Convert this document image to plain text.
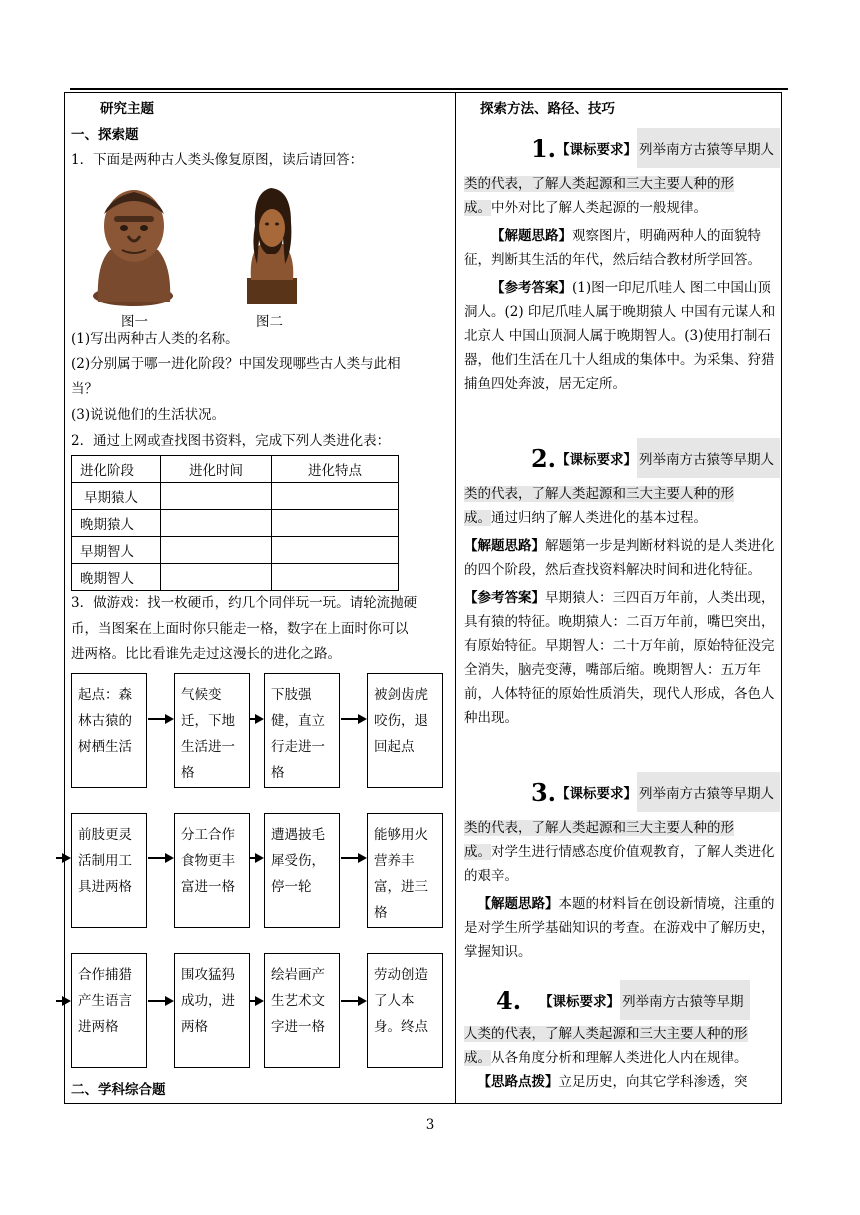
研究主题
一、探索题
1．下面是两种古人类头像复原图，读后请回答：
图一	图二
(1)写出两种古人类的名称。
(2)分别属于哪一进化阶段？中国发现哪些古人类与此相
当？
(3)说说他们的生活状况。
2．通过上网或查找图书资料，完成下列人类进化表：
进化阶段	进化时间	进化特点
早期猿人		
晚期猿人		
早期智人		
晚期智人		
3．做游戏：找一枚硬币，约几个同伴玩一玩。请轮流抛硬
币，当图案在上面时你只能走一格，数字在上面时你可以
进两格。比比看谁先走过这漫长的进化之路。
起点：森林古猿的树栖生活
气候变迁，下地生活进一格
下肢强健，直立行走进一格
被剑齿虎咬伤，退回起点
前肢更灵活制用工具进两格
分工合作食物更丰富进一格
遭遇披毛犀受伤，停一轮
能够用火营养丰富，进三格
合作捕猎产生语言进两格
围攻猛犸成功，进两格
绘岩画产生艺术文字进一格
劳动创造了人本身。终点
二、学科综合题
探索方法、路径、技巧
1. 【课标要求】 列举南方古猿等早期人
类的代表，了解人类起源和三大主要人种的形
成。中外对比了解人类起源的一般规律。
【解题思路】观察图片，明确两种人的面貌特征，判断其生活的年代，然后结合教材所学回答。
【参考答案】(1)图一印尼爪哇人 图二中国山顶洞人。(2) 印尼爪哇人属于晚期猿人 中国有元谋人和北京人 中国山顶洞人属于晚期智人。(3)使用打制石器，他们生活在几十人组成的集体中。为采集、狩猎捕鱼四处奔波，居无定所。
2. 【课标要求】 列举南方古猿等早期人
类的代表，了解人类起源和三大主要人种的形
成。通过归纳了解人类进化的基本过程。
【解题思路】解题第一步是判断材料说的是人类进化的四个阶段，然后查找资料解决时间和进化特征。
【参考答案】早期猿人：三四百万年前，人类出现，具有猿的特征。晚期猿人：二百万年前，嘴巴突出，有原始特征。早期智人：二十万年前，原始特征没完全消失，脑壳变薄，嘴部后缩。晚期智人：五万年前，人体特征的原始性质消失，现代人形成，各色人种出现。
3. 【课标要求】 列举南方古猿等早期人
类的代表，了解人类起源和三大主要人种的形
成。对学生进行情感态度价值观教育，了解人类进化的艰辛。
【解题思路】本题的材料旨在创设新情境，注重的是对学生所学基础知识的考查。在游戏中了解历史，掌握知识。
4. 【课标要求】 列举南方古猿等早期
人类的代表，了解人类起源和三大主要人种的形
成。从各角度分析和理解人类进化人内在规律。
【思路点拨】立足历史，向其它学科渗透，突
3
